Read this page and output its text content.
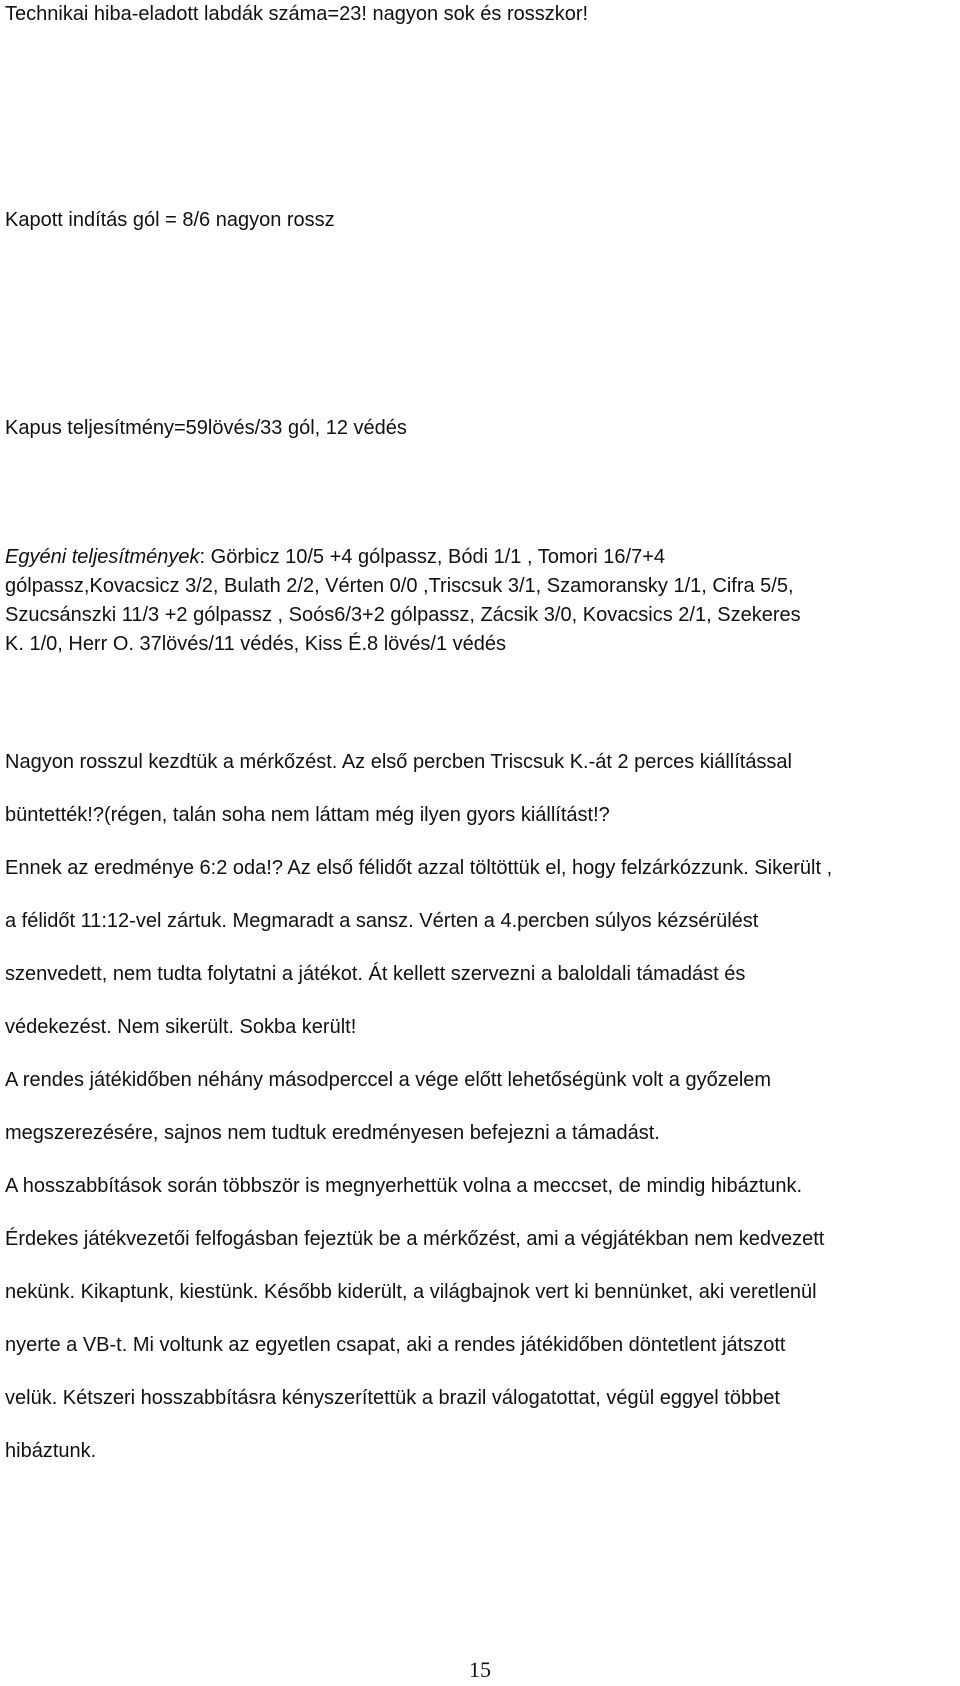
Technikai hiba-eladott labdák száma=23! nagyon sok és rosszkor!

Kapott indítás gól = 8/6 nagyon rossz

Kapus teljesítmény=59lövés/33 gól, 12 védés

Egyéni teljesítmények: Görbicz 10/5 +4 gólpassz, Bódi 1/1 , Tomori 16/7+4
gólpassz,Kovacsicz 3/2, Bulath 2/2, Vérten 0/0 ,Triscsuk 3/1, Szamoransky 1/1, Cifra 5/5,
Szucsánszki 11/3 +2 gólpassz , Soós6/3+2 gólpassz, Zácsik 3/0, Kovacsics 2/1, Szekeres
K. 1/0, Herr O. 37lövés/11 védés, Kiss É.8 lövés/1 védés
Nagyon rosszul kezdtük a mérkőzést. Az első percben Triscsuk K.-át 2 perces kiállítással
büntették!?(régen, talán soha nem láttam még ilyen gyors kiállítást!?
Ennek az eredménye 6:2 oda!? Az első félidőt azzal töltöttük el, hogy felzárkózzunk. Sikerült ,
a félidőt 11:12-vel zártuk. Megmaradt a sansz. Vérten a 4.percben súlyos kézsérülést
szenvedett, nem tudta folytatni a játékot. Át kellett szervezni a baloldali támadást és
védekezést. Nem sikerült. Sokba került!
A rendes játékidőben néhány másodperccel a vége előtt lehetőségünk volt a győzelem
megszerezésére, sajnos nem tudtuk eredményesen befejezni a támadást.
A hosszabbítások során többször is megnyerhettük volna a meccset, de mindig hibáztunk.
Érdekes játékvezetői felfogásban fejeztük be a mérkőzést, ami a végjátékban nem kedvezett
nekünk. Kikaptunk, kiestünk. Később kiderült, a világbajnok vert ki bennünket, aki veretlenül
nyerte a VB-t. Mi voltunk az egyetlen csapat, aki a rendes játékidőben döntetlent játszott
velük. Kétszeri hosszabbításra kényszerítettük a brazil válogatottat, végül eggyel többet
hibáztunk.
15
